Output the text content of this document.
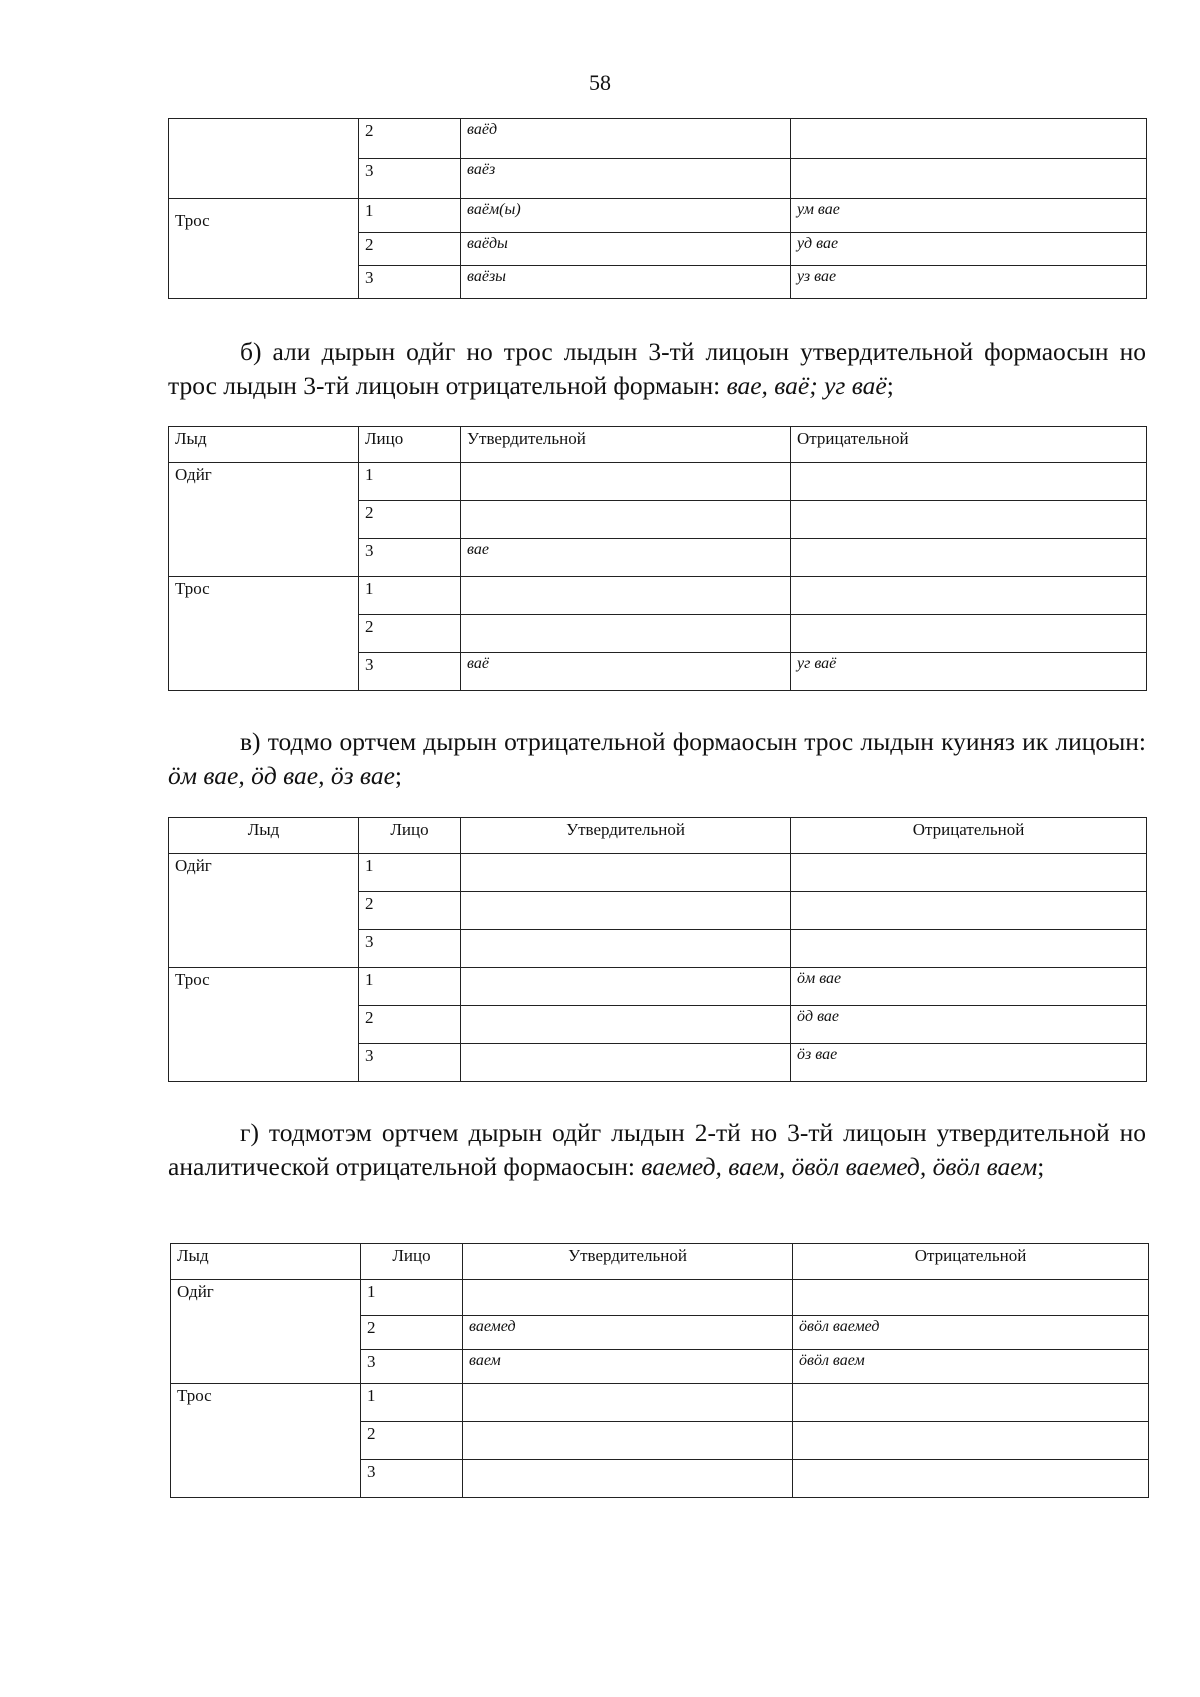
58
	2	ваёд	
	3	ваёз	
Трос	1	ваём(ы)	ум вае
	2	ваёды	уд вае
	3	ваёзы	уз вае
б) али дырын одйг но трос лыдын 3-тй лицоын утвердительной формаосын но трос лыдын 3-тй лицоын отрицательной формаын: вае, ваё; уг ваё;
Лыд	Лицо	Утвердительной	Отрицательной
Одйг	1		
	2		
	3	вае	
Трос	1		
	2		
	3	ваё	уг ваё
в) тодмо ортчем дырын отрицательной формаосын трос лыдын куиняз ик лицоын: ӧм вае, ӧд вае, ӧз вае;
Лыд	Лицо	Утвердительной	Отрицательной
Одйг	1		
	2		
	3		
Трос	1		ӧм вае
	2		ӧд вае
	3		ӧз вае
г) тодмотэм ортчем дырын одйг лыдын 2-тй но 3-тй лицоын утвердительной но аналитической отрицательной формаосын: ваемед, ваем, ӧвӧл ваемед, ӧвӧл ваем;
Лыд	Лицо	Утвердительной	Отрицательной
Одйг	1		
	2	ваемед	ӧвӧл ваемед
	3	ваем	ӧвӧл ваем
Трос	1		
	2		
	3		
